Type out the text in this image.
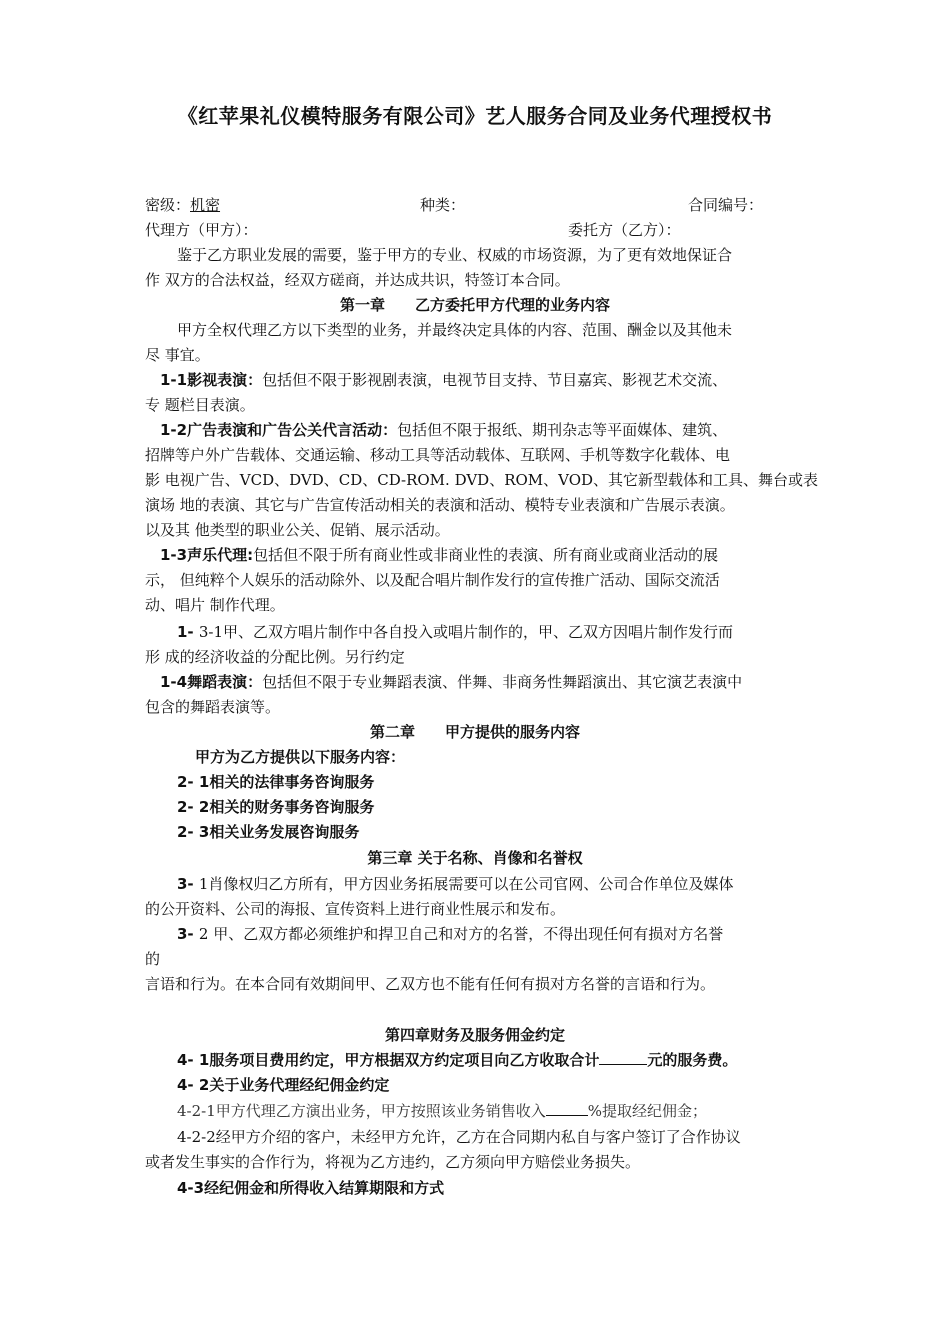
《红苹果礼仪模特服务有限公司》艺人服务合同及业务代理授权书
密级：机密	种类：	合同编号：
代理方（甲方）：	委托方（乙方）：
鉴于乙方职业发展的需要，鉴于甲方的专业、权威的市场资源，为了更有效地保证合
作 双方的合法权益，经双方磋商，并达成共识，特签订本合同。
第一章　　乙方委托甲方代理的业务内容
甲方全权代理乙方以下类型的业务，并最终决定具体的内容、范围、酬金以及其他未
尽 事宜。
1-1影视表演：包括但不限于影视剧表演，电视节目支持、节目嘉宾、影视艺术交流、
专 题栏目表演。
1-2广告表演和广告公关代言活动：包括但不限于报纸、期刊杂志等平面媒体、建筑、
招牌等户外广告载体、交通运输、移动工具等活动载体、互联网、手机等数字化载体、电
影 电视广告、VCD、DVD、CD、CD-ROM. DVD、ROM、VOD、其它新型载体和工具、舞台或表
演场 地的表演、其它与广告宣传活动相关的表演和活动、模特专业表演和广告展示表演。
以及其 他类型的职业公关、促销、展示活动。
1-3声乐代理:包括但不限于所有商业性或非商业性的表演、所有商业或商业活动的展
示， 但纯粹个人娱乐的活动除外、以及配合唱片制作发行的宣传推广活动、国际交流活
动、唱片 制作代理。
1- 3-1甲、乙双方唱片制作中各自投入或唱片制作的，甲、乙双方因唱片制作发行而
形 成的经济收益的分配比例。另行约定
1-4舞蹈表演：包括但不限于专业舞蹈表演、伴舞、非商务性舞蹈演出、其它演艺表演中
包含的舞蹈表演等。
第二章　　甲方提供的服务内容
甲方为乙方提供以下服务内容：
2- 1相关的法律事务咨询服务
2- 2相关的财务事务咨询服务
2- 3相关业务发展咨询服务
第三章 关于名称、肖像和名誉权
3- 1肖像权归乙方所有，甲方因业务拓展需要可以在公司官网、公司合作单位及媒体
的公开资料、公司的海报、宣传资料上进行商业性展示和发布。
3- 2 甲、乙双方都必须维护和捍卫自己和对方的名誉，不得出现任何有损对方名誉
的
言语和行为。在本合同有效期间甲、乙双方也不能有任何有损对方名誉的言语和行为。
第四章财务及服务佣金约定
4- 1服务项目费用约定，甲方根据双方约定项目向乙方收取合计	元的服务费。
4- 2关于业务代理经纪佣金约定
4-2-1甲方代理乙方演出业务，甲方按照该业务销售收入	%提取经纪佣金；
4-2-2经甲方介绍的客户，未经甲方允许，乙方在合同期内私自与客户签订了合作协议
或者发生事实的合作行为，将视为乙方违约，乙方须向甲方赔偿业务损失。
4-3经纪佣金和所得收入结算期限和方式
